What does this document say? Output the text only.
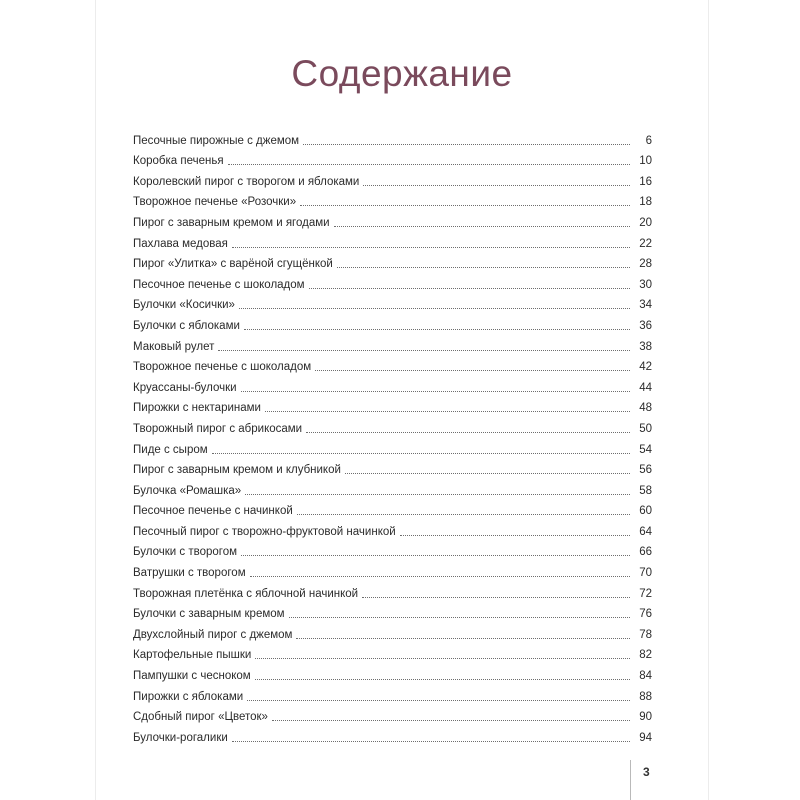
Содержание
Песочные пирожные с джемом	6
Коробка печенья	10
Королевский пирог с творогом и яблоками	16
Творожное печенье «Розочки»	18
Пирог с заварным кремом и ягодами	20
Пахлава медовая	22
Пирог «Улитка» с варёной сгущёнкой	28
Песочное печенье с шоколадом	30
Булочки «Косички»	34
Булочки с яблоками	36
Маковый рулет	38
Творожное печенье с шоколадом	42
Круассаны-булочки	44
Пирожки с нектаринами	48
Творожный пирог с абрикосами	50
Пиде с сыром	54
Пирог с заварным кремом и клубникой	56
Булочка «Ромашка»	58
Песочное печенье с начинкой	60
Песочный пирог с творожно-фруктовой начинкой	64
Булочки с творогом	66
Ватрушки с творогом	70
Творожная плетёнка с яблочной начинкой	72
Булочки с заварным кремом	76
Двухслойный пирог с джемом	78
Картофельные пышки	82
Пампушки с чесноком	84
Пирожки с яблоками	88
Сдобный пирог «Цветок»	90
Булочки-рогалики	94
3
